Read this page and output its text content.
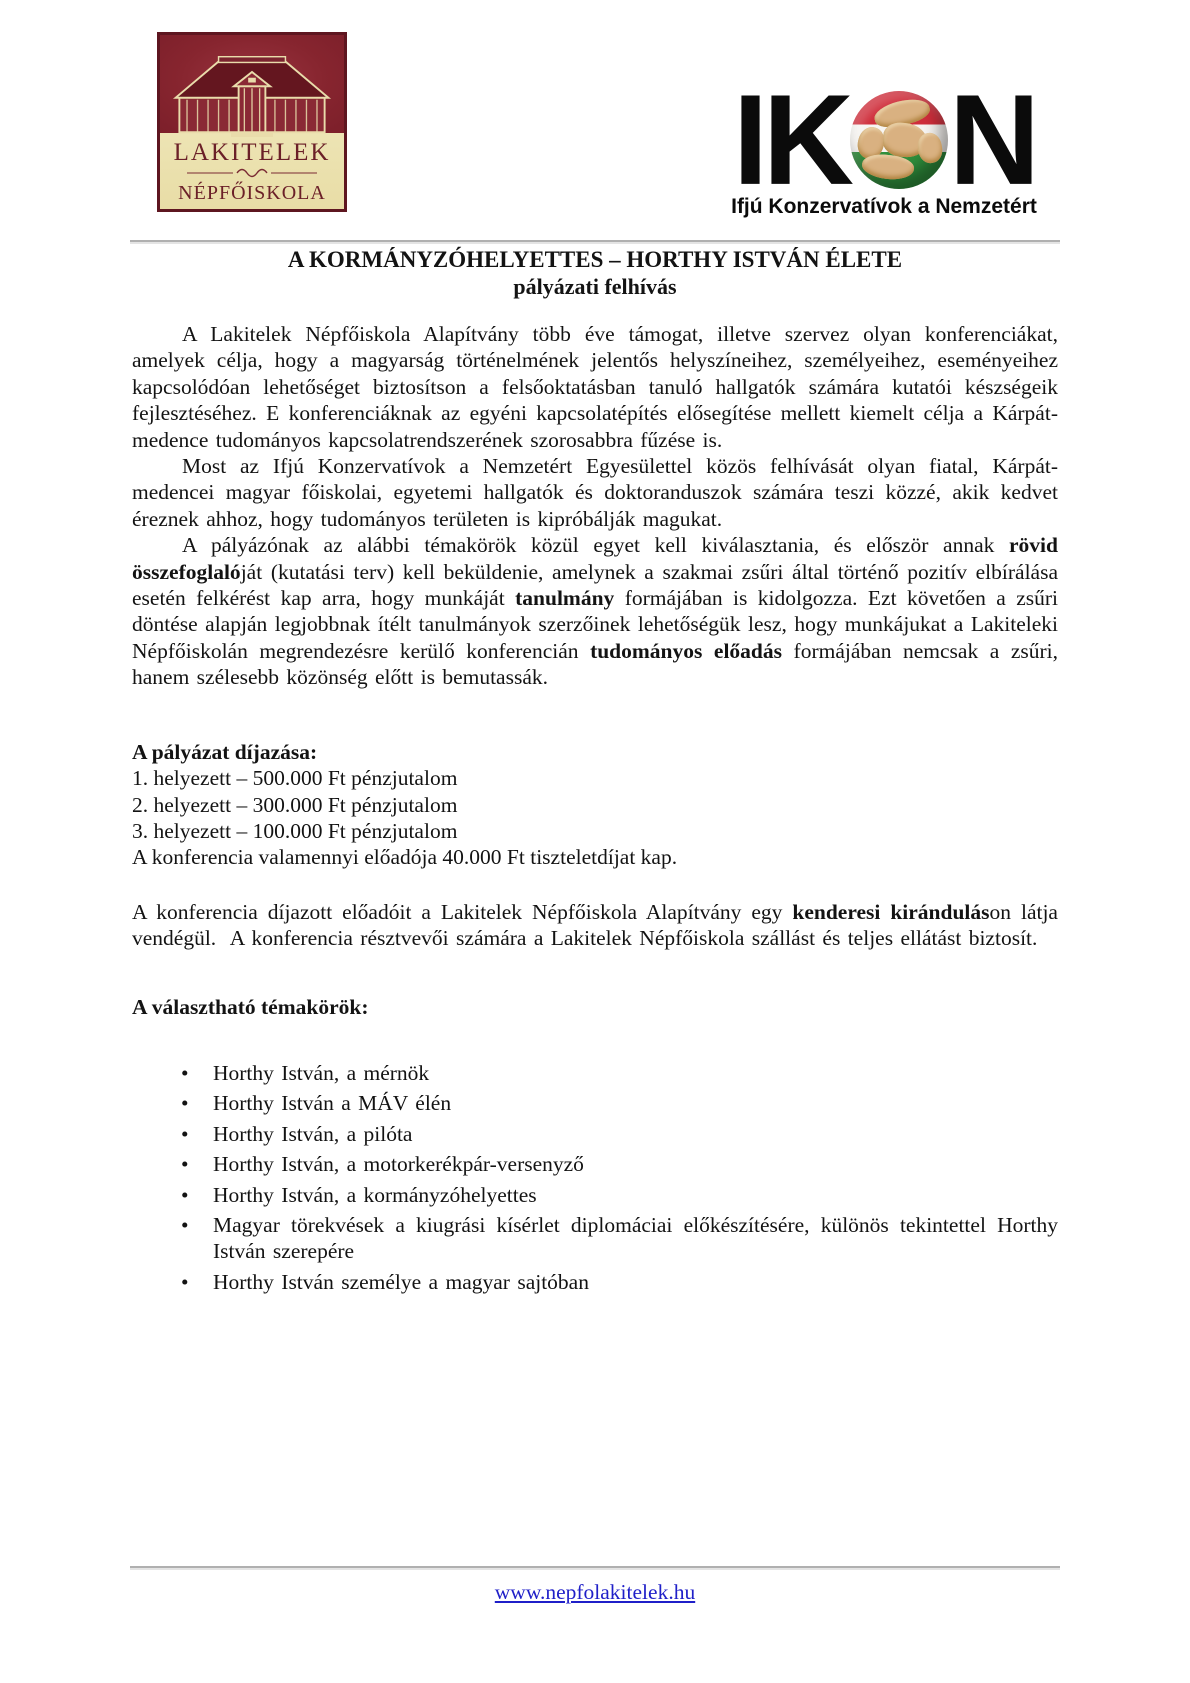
LAKITELEK
NÉPFŐISKOLA	IK N
Ifjú Konzervatívok a Nemzetért
A KORMÁNYZÓHELYETTES – HORTHY ISTVÁN ÉLETE
pályázati felhívás

A Lakitelek Népfőiskola Alapítvány több éve támogat, illetve szervez olyan konferenciákat, amelyek célja, hogy a magyarság történelmének jelentős helyszíneihez, személyeihez, eseményeihez kapcsolódóan lehetőséget biztosítson a felsőoktatásban tanuló hallgatók számára kutatói készségeik fejlesztéséhez. E konferenciáknak az egyéni kapcsolatépítés elősegítése mellett kiemelt célja a Kárpát-medence tudományos kapcsolatrendszerének szorosabbra fűzése is.

Most az Ifjú Konzervatívok a Nemzetért Egyesülettel közös felhívását olyan fiatal, Kárpát-medencei magyar főiskolai, egyetemi hallgatók és doktoranduszok számára teszi közzé, akik kedvet éreznek ahhoz, hogy tudományos területen is kipróbálják magukat.

A pályázónak az alábbi témakörök közül egyet kell kiválasztania, és először annak rövid összefoglalóját (kutatási terv) kell beküldenie, amelynek a szakmai zsűri által történő pozitív elbírálása esetén felkérést kap arra, hogy munkáját tanulmány formájában is kidolgozza. Ezt követően a zsűri döntése alapján legjobbnak ítélt tanulmányok szerzőinek lehetőségük lesz, hogy munkájukat a Lakiteleki Népfőiskolán megrendezésre kerülő konferencián tudományos előadás formájában nemcsak a zsűri, hanem szélesebb közönség előtt is bemutassák.

A pályázat díjazása:
1. helyezett – 500.000 Ft pénzjutalom
2. helyezett – 300.000 Ft pénzjutalom
3. helyezett – 100.000 Ft pénzjutalom
A konferencia valamennyi előadója 40.000 Ft tiszteletdíjat kap.

A konferencia díjazott előadóit a Lakitelek Népfőiskola Alapítvány egy kenderesi kiránduláson látja vendégül.  A konferencia résztvevői számára a Lakitelek Népfőiskola szállást és teljes ellátást biztosít.

A választható témakörök:
• Horthy István, a mérnök
• Horthy István a MÁV élén
• Horthy István, a pilóta
• Horthy István, a motorkerékpár-versenyző
• Horthy István, a kormányzóhelyettes
• Magyar törekvések a kiugrási kísérlet diplomáciai előkészítésére, különös tekintettel Horthy István szerepére
• Horthy István személye a magyar sajtóban
www.nepfolakitelek.hu
